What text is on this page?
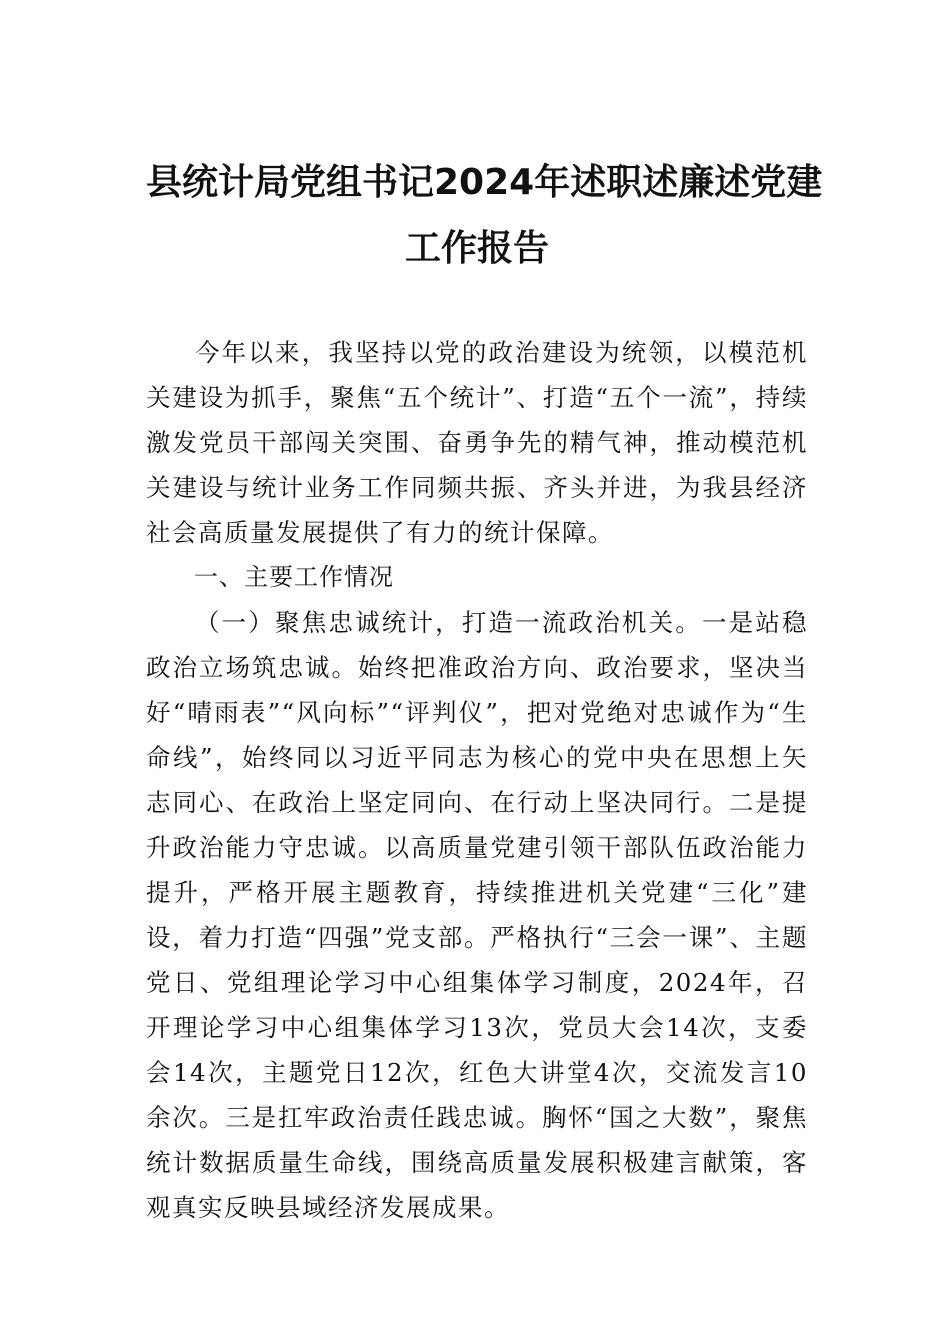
县统计局党组书记2024年述职述廉述党建
工作报告

今年以来，我坚持以党的政治建设为统领，以模范机关建设为抓手，聚焦“五个统计”、打造“五个一流”，持续激发党员干部闯关突围、奋勇争先的精气神，推动模范机关建设与统计业务工作同频共振、齐头并进，为我县经济社会高质量发展提供了有力的统计保障。

一、主要工作情况

（一）聚焦忠诚统计，打造一流政治机关。一是站稳政治立场筑忠诚。始终把准政治方向、政治要求，坚决当好“晴雨表”“风向标”“评判仪”，把对党绝对忠诚作为“生命线”，始终同以习近平同志为核心的党中央在思想上矢志同心、在政治上坚定同向、在行动上坚决同行。二是提升政治能力守忠诚。以高质量党建引领干部队伍政治能力提升，严格开展主题教育，持续推进机关党建“三化”建设，着力打造“四强”党支部。严格执行“三会一课”、主题党日、党组理论学习中心组集体学习制度，2024年，召开理论学习中心组集体学习13次，党员大会14次，支委会14次，主题党日12次，红色大讲堂4次，交流发言10余次。三是扛牢政治责任践忠诚。胸怀“国之大数”，聚焦统计数据质量生命线，围绕高质量发展积极建言献策，客观真实反映县域经济发展成果。
